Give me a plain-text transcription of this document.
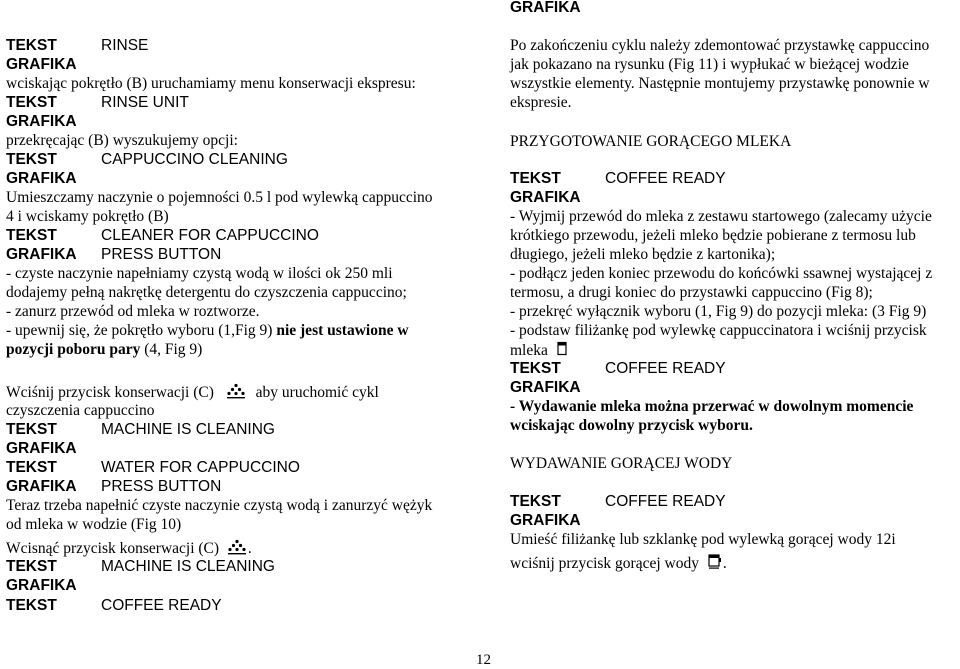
GRAFIKA
TEKST	RINSE
GRAFIKA
wciskając pokrętło (B) uruchamiamy menu konserwacji ekspresu:
TEKST	RINSE UNIT
GRAFIKA
przekręcając (B) wyszukujemy opcji:
TEKST	CAPPUCCINO CLEANING
GRAFIKA
Umieszczamy naczynie o pojemności 0.5 l pod wylewką cappuccino
4 i wciskamy pokrętło (B)
TEKST	CLEANER FOR CAPPUCCINO
GRAFIKA PRESS BUTTON
- czyste naczynie napełniamy czystą wodą w ilości ok 250 mli
dodajemy pełną nakrętkę detergentu do czyszczenia cappuccino;
- zanurz przewód od mleka w roztworze.
- upewnij się, że pokrętło wyboru (1,Fig 9) nie jest ustawione w
pozycji poboru pary (4, Fig 9)
Wciśnij przycisk konserwacji (C)	aby uruchomić cykl
czyszczenia cappuccino
TEKST	MACHINE IS CLEANING
GRAFIKA
TEKST	WATER FOR CAPPUCCINO
GRAFIKA PRESS BUTTON
Teraz trzeba napełnić czyste naczynie czystą wodą i zanurzyć wężyk
od mleka w wodzie (Fig 10)
Wcisnąć przycisk konserwacji (C) .
TEKST	MACHINE IS CLEANING
GRAFIKA
TEKST	COFFEE READY
Po zakończeniu cyklu należy zdemontować przystawkę cappuccino
jak pokazano na rysunku (Fig 11) i wypłukać w bieżącej wodzie
wszystkie elementy. Następnie montujemy przystawkę ponownie w
ekspresie.
PRZYGOTOWANIE GORĄCEGO MLEKA
TEKST	COFFEE READY
GRAFIKA
- Wyjmij przewód do mleka z zestawu startowego (zalecamy użycie
krótkiego przewodu, jeżeli mleko będzie pobierane z termosu lub
długiego, jeżeli mleko będzie z kartonika);
- podłącz jeden koniec przewodu do końcówki ssawnej wystającej z
termosu, a drugi koniec do przystawki cappuccino (Fig 8);
- przekręć wyłącznik wyboru (1, Fig 9) do pozycji mleka: (3 Fig 9)
- podstaw filiżankę pod wylewkę cappuccinatora i wciśnij przycisk
mleka
TEKST	COFFEE READY
GRAFIKA
- Wydawanie mleka można przerwać w dowolnym momencie
wciskając dowolny przycisk wyboru.
WYDAWANIE GORĄCEJ WODY
TEKST	COFFEE READY
GRAFIKA
Umieść filiżankę lub szklankę pod wylewką gorącej wody 12i
wciśnij przycisk gorącej wody .
12
